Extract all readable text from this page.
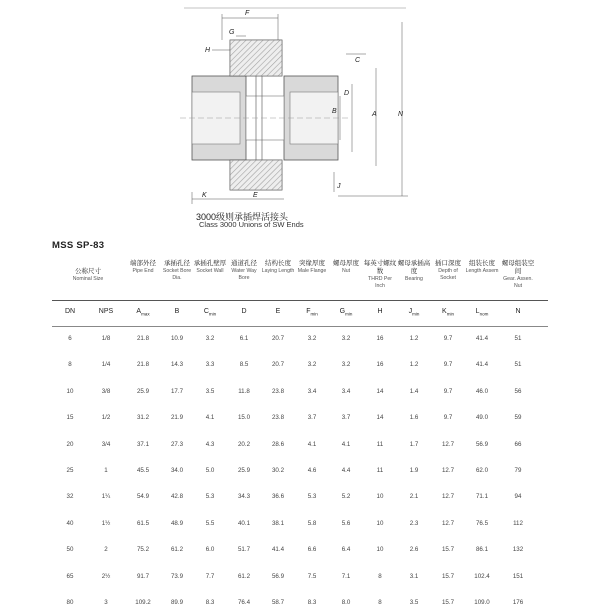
F
G
H
C
B
D
A	N
K	E
J
3000级则承插焊活接头
Class 3000 Unions of SW Ends
MSS SP-83
公称尺寸
Nominal Size
端部外径
Pipe End
承插孔径
Socket Bore Dia.
承插孔壁厚
Socket Wall
通道孔径
Water Way Bore
结构长度
Laying Length
突缘厚度
Male Flange
螺母厚度
Nut
每英寸螺纹数
THRD Per Inch
螺母承插高度
Bearing
插口深度
Depth of Socket
组装长度
Length Assem
螺母组装空间
Gear. Assen. Nut
DN	NPS	$A_{max}$	B	$C_{min}$	D	E	$F_{min}$	$G_{min}$	H	$J_{min}$	$K_{min}$	$L_{nom}$	N
6	1/8	21.8	10.9	3.2	6.1	20.7	3.2	3.2	16	1.2	9.7	41.4	51
8	1/4	21.8	14.3	3.3	8.5	20.7	3.2	3.2	16	1.2	9.7	41.4	51
10	3/8	25.9	17.7	3.5	11.8	23.8	3.4	3.4	14	1.4	9.7	46.0	56
15	1/2	31.2	21.9	4.1	15.0	23.8	3.7	3.7	14	1.6	9.7	49.0	59
20	3/4	37.1	27.3	4.3	20.2	28.6	4.1	4.1	11	1.7	12.7	56.9	66
25	1	45.5	34.0	5.0	25.9	30.2	4.6	4.4	11	1.9	12.7	62.0	79
32	1¼	54.9	42.8	5.3	34.3	36.6	5.3	5.2	10	2.1	12.7	71.1	94
40	1½	61.5	48.9	5.5	40.1	38.1	5.8	5.6	10	2.3	12.7	76.5	112
50	2	75.2	61.2	6.0	51.7	41.4	6.6	6.4	10	2.6	15.7	86.1	132
65	2½	91.7	73.9	7.7	61.2	56.9	7.5	7.1	8	3.1	15.7	102.4	151
80	3	109.2	89.9	8.3	76.4	58.7	8.3	8.0	8	3.5	15.7	109.0	176
